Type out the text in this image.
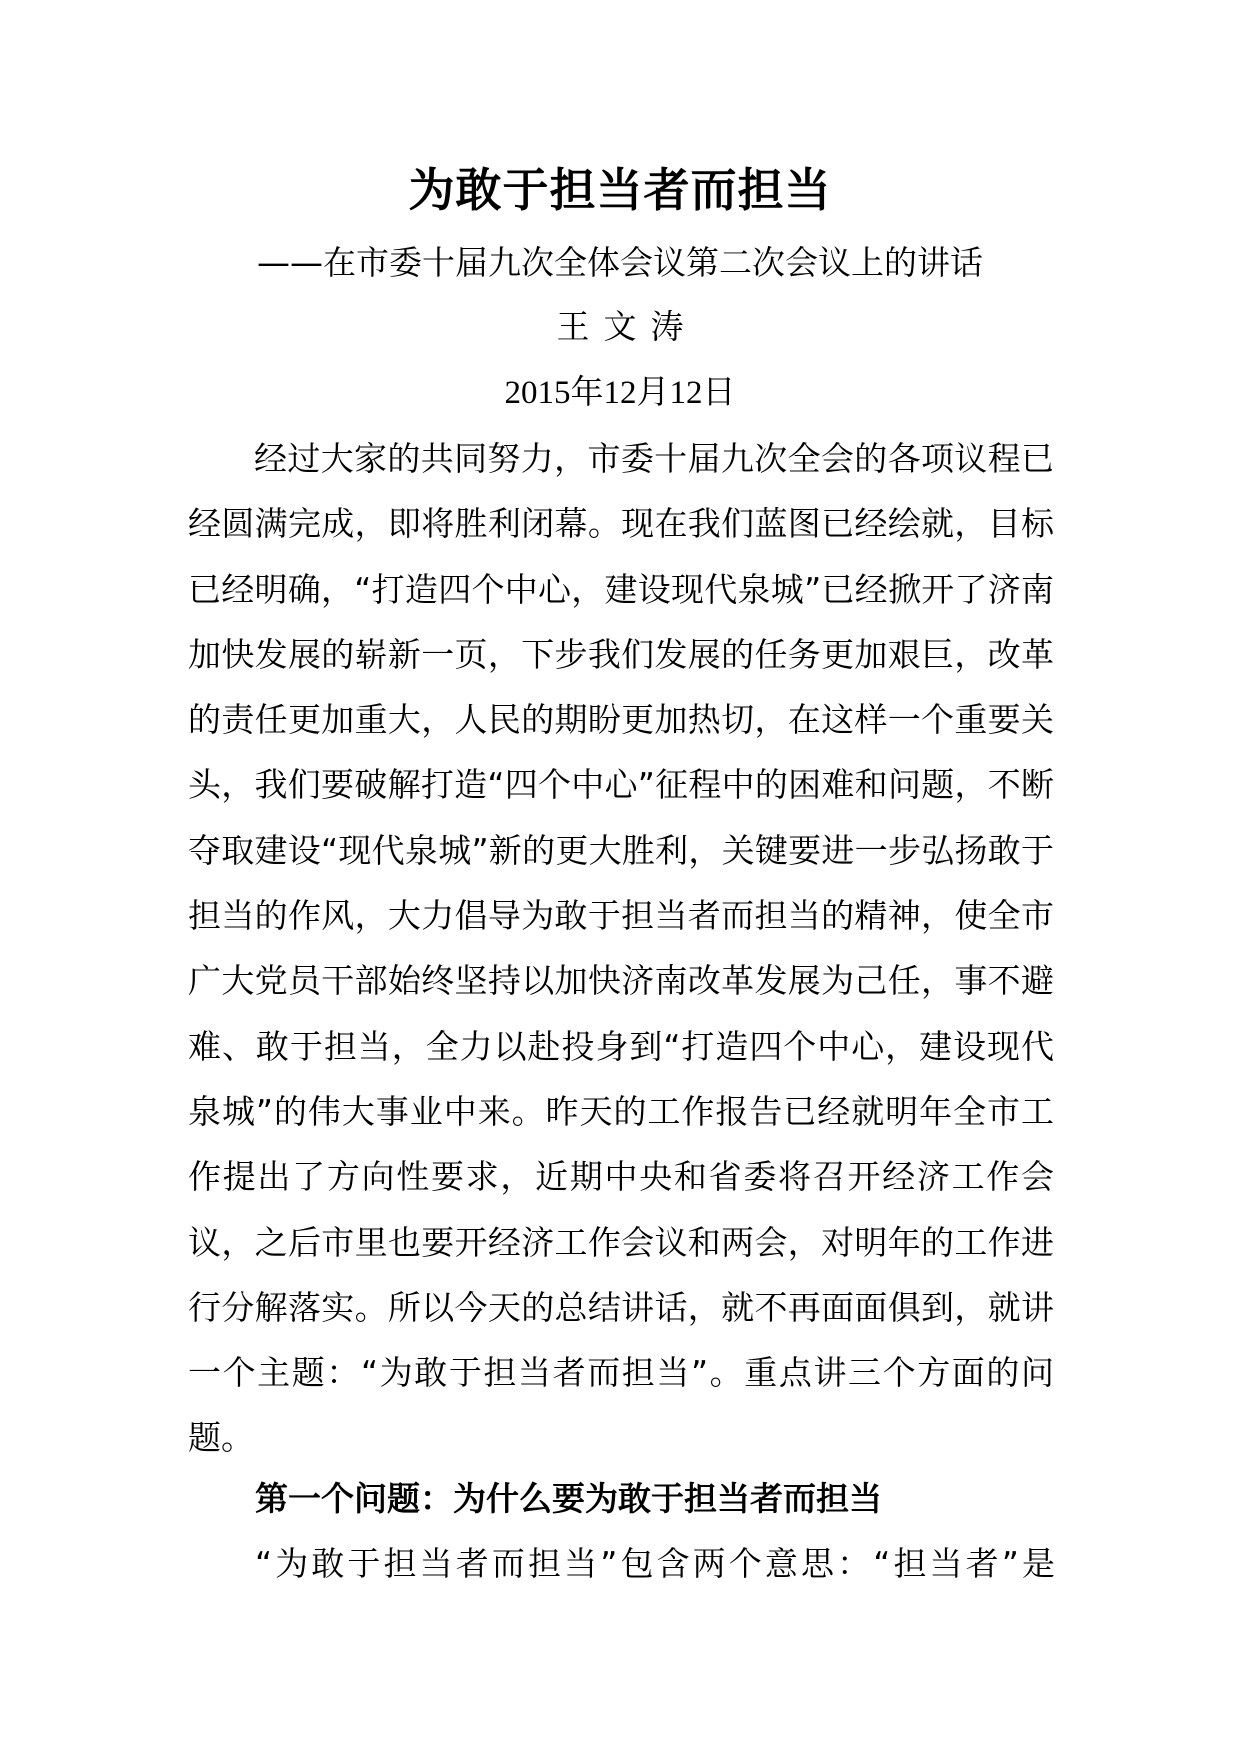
为敢于担当者而担当
——在市委十届九次全体会议第二次会议上的讲话
王文涛
2015年12月12日

经过大家的共同努力，市委十届九次全会的各项议程已经圆满完成，即将胜利闭幕。现在我们蓝图已经绘就，目标已经明确，“打造四个中心，建设现代泉城”已经掀开了济南加快发展的崭新一页，下步我们发展的任务更加艰巨，改革的责任更加重大，人民的期盼更加热切，在这样一个重要关头，我们要破解打造“四个中心”征程中的困难和问题，不断夺取建设“现代泉城”新的更大胜利，关键要进一步弘扬敢于担当的作风，大力倡导为敢于担当者而担当的精神，使全市广大党员干部始终坚持以加快济南改革发展为己任，事不避难、敢于担当，全力以赴投身到“打造四个中心，建设现代泉城”的伟大事业中来。昨天的工作报告已经就明年全市工作提出了方向性要求，近期中央和省委将召开经济工作会议，之后市里也要开经济工作会议和两会，对明年的工作进行分解落实。所以今天的总结讲话，就不再面面俱到，就讲一个主题：“为敢于担当者而担当”。重点讲三个方面的问题。

第一个问题：为什么要为敢于担当者而担当
“为敢于担当者而担当”包含两个意思：“担当者”是
